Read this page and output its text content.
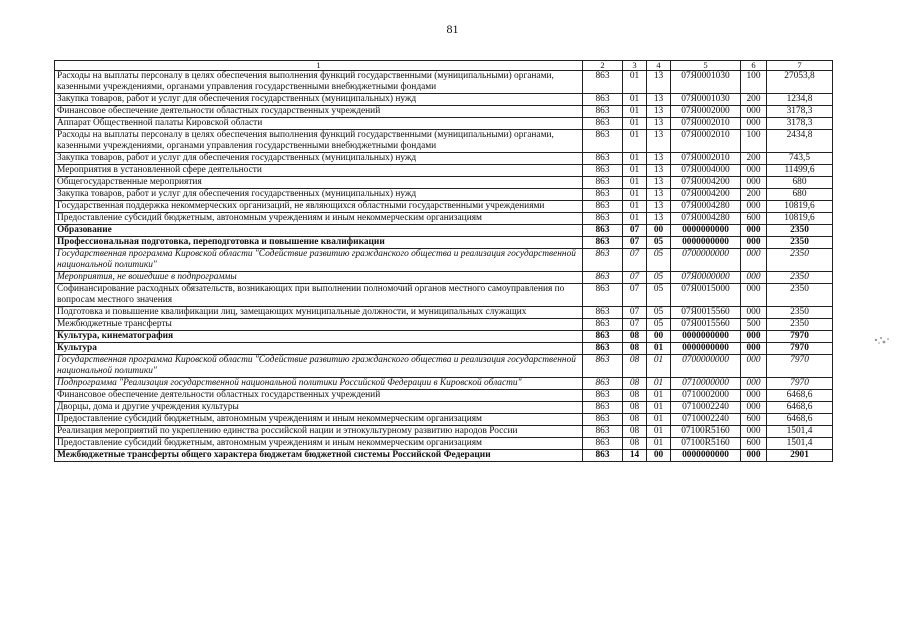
81
1	2	3	4	5	6	7
Расходы на выплаты персоналу в целях обеспечения выполнения функций государственными (муниципальными) органами, казенными учреждениями, органами управления государственными внебюджетными фондами	863	01	13	07Я0001030	100	27053,8
Закупка товаров, работ и услуг для обеспечения государственных (муниципальных) нужд	863	01	13	07Я0001030	200	1234,8
Финансовое обеспечение деятельности областных государственных учреждений	863	01	13	07Я0002000	000	3178,3
Аппарат Общественной палаты Кировской области	863	01	13	07Я0002010	000	3178,3
Расходы на выплаты персоналу в целях обеспечения выполнения функций государственными (муниципальными) органами, казенными учреждениями, органами управления государственными внебюджетными фондами	863	01	13	07Я0002010	100	2434,8
Закупка товаров, работ и услуг для обеспечения государственных (муниципальных) нужд	863	01	13	07Я0002010	200	743,5
Мероприятия в установленной сфере деятельности	863	01	13	07Я0004000	000	11499,6
Общегосударственные мероприятия	863	01	13	07Я0004200	000	680
Закупка товаров, работ и услуг для обеспечения государственных (муниципальных) нужд	863	01	13	07Я0004200	200	680
Государственная поддержка некоммерческих организаций, не являющихся областными государственными учреждениями	863	01	13	07Я0004280	000	10819,6
Предоставление субсидий бюджетным, автономным учреждениям и иным некоммерческим организациям	863	01	13	07Я0004280	600	10819,6
Образование	863	07	00	0000000000	000	2350
Профессиональная подготовка, переподготовка и повышение квалификации	863	07	05	0000000000	000	2350
Государственная программа Кировской области "Содействие развитию гражданского общества и реализация государственной национальной политики"	863	07	05	0700000000	000	2350
Мероприятия, не вошедшие в подпрограммы	863	07	05	07Я0000000	000	2350
Софинансирование расходных обязательств, возникающих при выполнении полномочий органов местного самоуправления по вопросам местного значения	863	07	05	07Я0015000	000	2350
Подготовка и повышение квалификации лиц, замещающих муниципальные должности, и муниципальных служащих	863	07	05	07Я0015560	000	2350
Межбюджетные трансферты	863	07	05	07Я0015560	500	2350
Культура, кинематография	863	08	00	0000000000	000	7970
Культура	863	08	01	0000000000	000	7970
Государственная программа Кировской области "Содействие развитию гражданского общества и реализация государственной национальной политики"	863	08	01	0700000000	000	7970
Подпрограмма "Реализация государственной национальной политики Российской Федерации в Кировской области"	863	08	01	0710000000	000	7970
Финансовое обеспечение деятельности областных государственных учреждений	863	08	01	0710002000	000	6468,6
Дворцы, дома и другие учреждения культуры	863	08	01	0710002240	000	6468,6
Предоставление субсидий бюджетным, автономным учреждениям и иным некоммерческим организациям	863	08	01	0710002240	600	6468,6
Реализация мероприятий по укреплению единства российской нации и этнокультурному развитию народов России	863	08	01	07100R5160	000	1501,4
Предоставление субсидий бюджетным, автономным учреждениям и иным некоммерческим организациям	863	08	01	07100R5160	600	1501,4
Межбюджетные трансферты общего характера бюджетам бюджетной системы Российской Федерации	863	14	00	0000000000	000	2901
